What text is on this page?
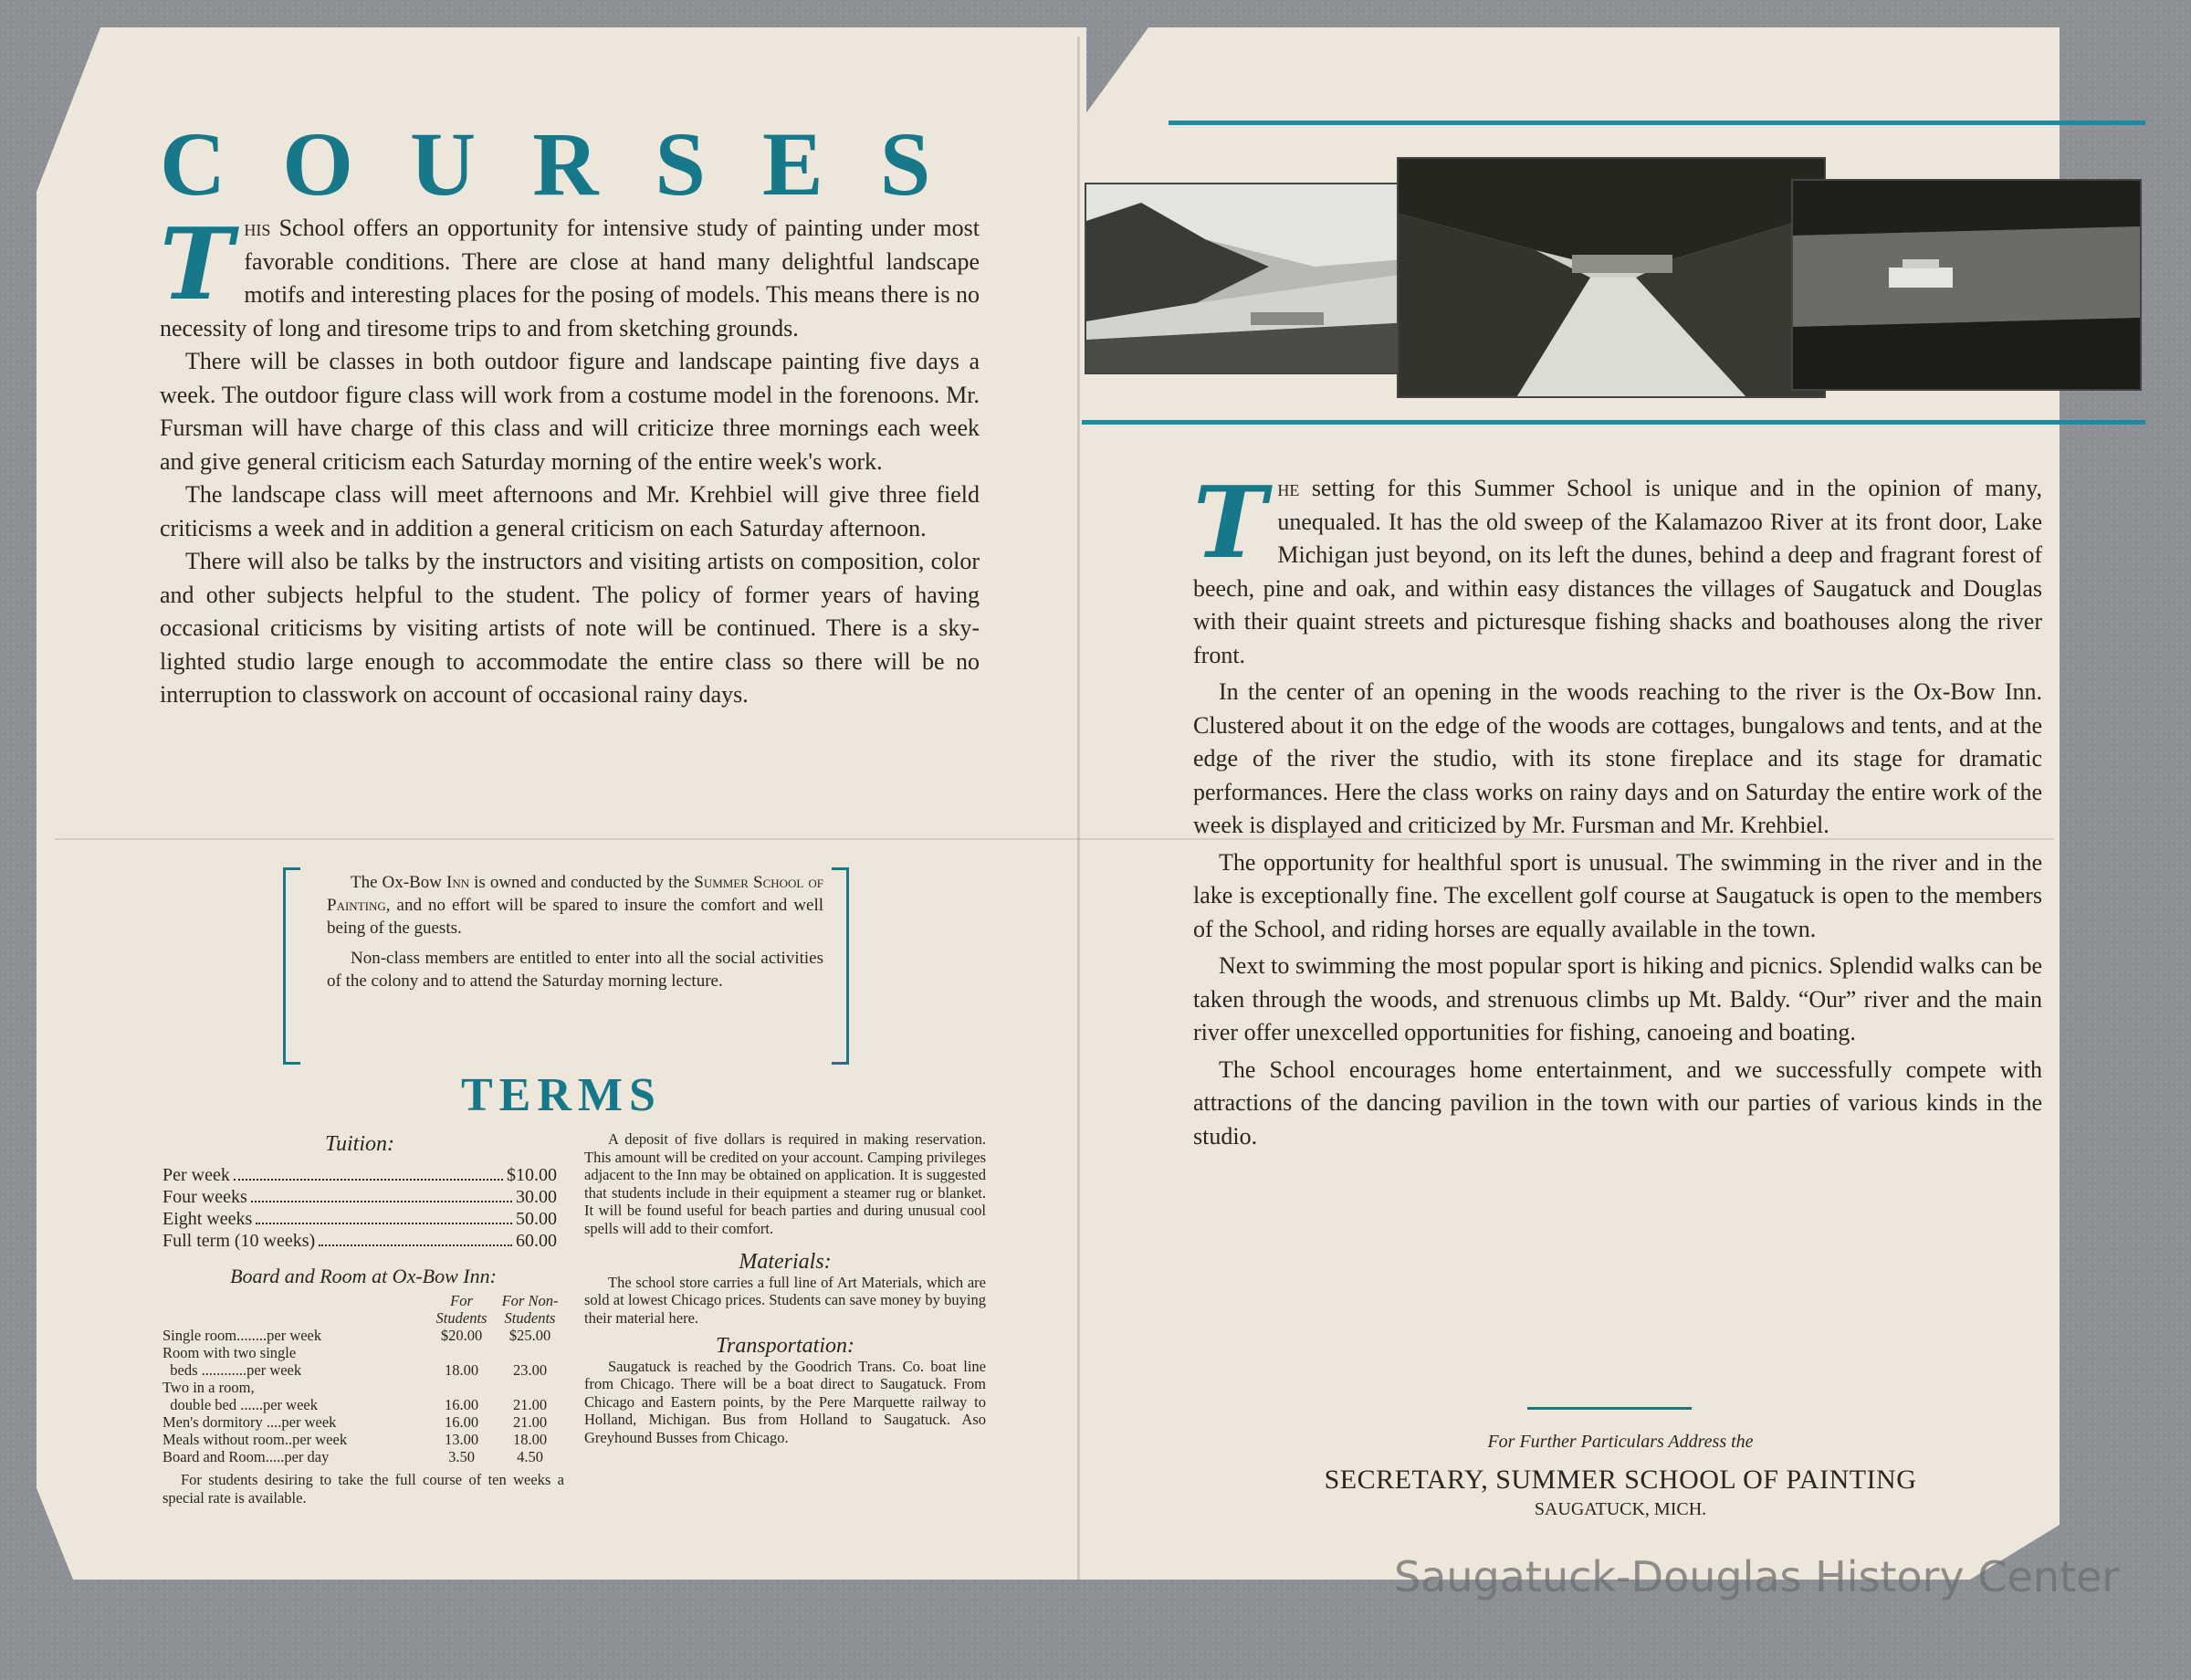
COURSES

This School offers an opportunity for intensive study of painting under most favorable conditions. There are close at hand many delightful landscape motifs and interesting places for the posing of models. This means there is no necessity of long and tiresome trips to and from sketching grounds.

There will be classes in both outdoor figure and landscape painting five days a week. The outdoor figure class will work from a costume model in the forenoons. Mr. Fursman will have charge of this class and will criticize three mornings each week and give general criticism each Saturday morning of the entire week's work.

The landscape class will meet afternoons and Mr. Krehbiel will give three field criticisms a week and in addition a general criticism on each Saturday afternoon.

There will also be talks by the instructors and visiting artists on composition, color and other subjects helpful to the student. The policy of former years of having occasional criticisms by visiting artists of note will be continued. There is a sky-lighted studio large enough to accommodate the entire class so there will be no interruption to classwork on account of occasional rainy days.

The Ox-Bow Inn is owned and conducted by the Summer School of Painting, and no effort will be spared to insure the comfort and well being of the guests.

Non-class members are entitled to enter into all the social activities of the colony and to attend the Saturday morning lecture.

TERMS

Tuition:

Per week	$10.00
Four weeks	30.00
Eight weeks	50.00
Full term (10 weeks)	60.00

Board and Room at Ox-Bow Inn:

	For Students	For Non-Students
Single room........per week	$20.00	$25.00
Room with two single		
beds ............per week	18.00	23.00
Two in a room,		
double bed ......per week	16.00	21.00
Men's dormitory ....per week	16.00	21.00
Meals without room..per week	13.00	18.00
Board and Room.....per day	3.50	4.50

For students desiring to take the full course of ten weeks a special rate is available.

A deposit of five dollars is required in making reservation. This amount will be credited on your account. Camping privileges adjacent to the Inn may be obtained on application. It is suggested that students include in their equipment a steamer rug or blanket. It will be found useful for beach parties and during unusual cool spells will add to their comfort.

Materials:

The school store carries a full line of Art Materials, which are sold at lowest Chicago prices. Students can save money by buying their material here.

Transportation:

Saugatuck is reached by the Goodrich Trans. Co. boat line from Chicago. There will be a boat direct to Saugatuck. From Chicago and Eastern points, by the Pere Marquette railway to Holland, Michigan. Bus from Holland to Saugatuck. Aso Greyhound Busses from Chicago.

The setting for this Summer School is unique and in the opinion of many, unequaled. It has the old sweep of the Kalamazoo River at its front door, Lake Michigan just beyond, on its left the dunes, behind a deep and fragrant forest of beech, pine and oak, and within easy distances the villages of Saugatuck and Douglas with their quaint streets and picturesque fishing shacks and boathouses along the river front.

In the center of an opening in the woods reaching to the river is the Ox-Bow Inn. Clustered about it on the edge of the woods are cottages, bungalows and tents, and at the edge of the river the studio, with its stone fireplace and its stage for dramatic performances. Here the class works on rainy days and on Saturday the entire work of the week is displayed and criticized by Mr. Fursman and Mr. Krehbiel.

The opportunity for healthful sport is unusual. The swimming in the river and in the lake is exceptionally fine. The excellent golf course at Saugatuck is open to the members of the School, and riding horses are equally available in the town.

Next to swimming the most popular sport is hiking and picnics. Splendid walks can be taken through the woods, and strenuous climbs up Mt. Baldy. “Our” river and the main river offer unexcelled opportunities for fishing, canoeing and boating.

The School encourages home entertainment, and we successfully compete with attractions of the dancing pavilion in the town with our parties of various kinds in the studio.

For Further Particulars Address the
SECRETARY, SUMMER SCHOOL OF PAINTING
SAUGATUCK, MICH.
Saugatuck-Douglas History Center
